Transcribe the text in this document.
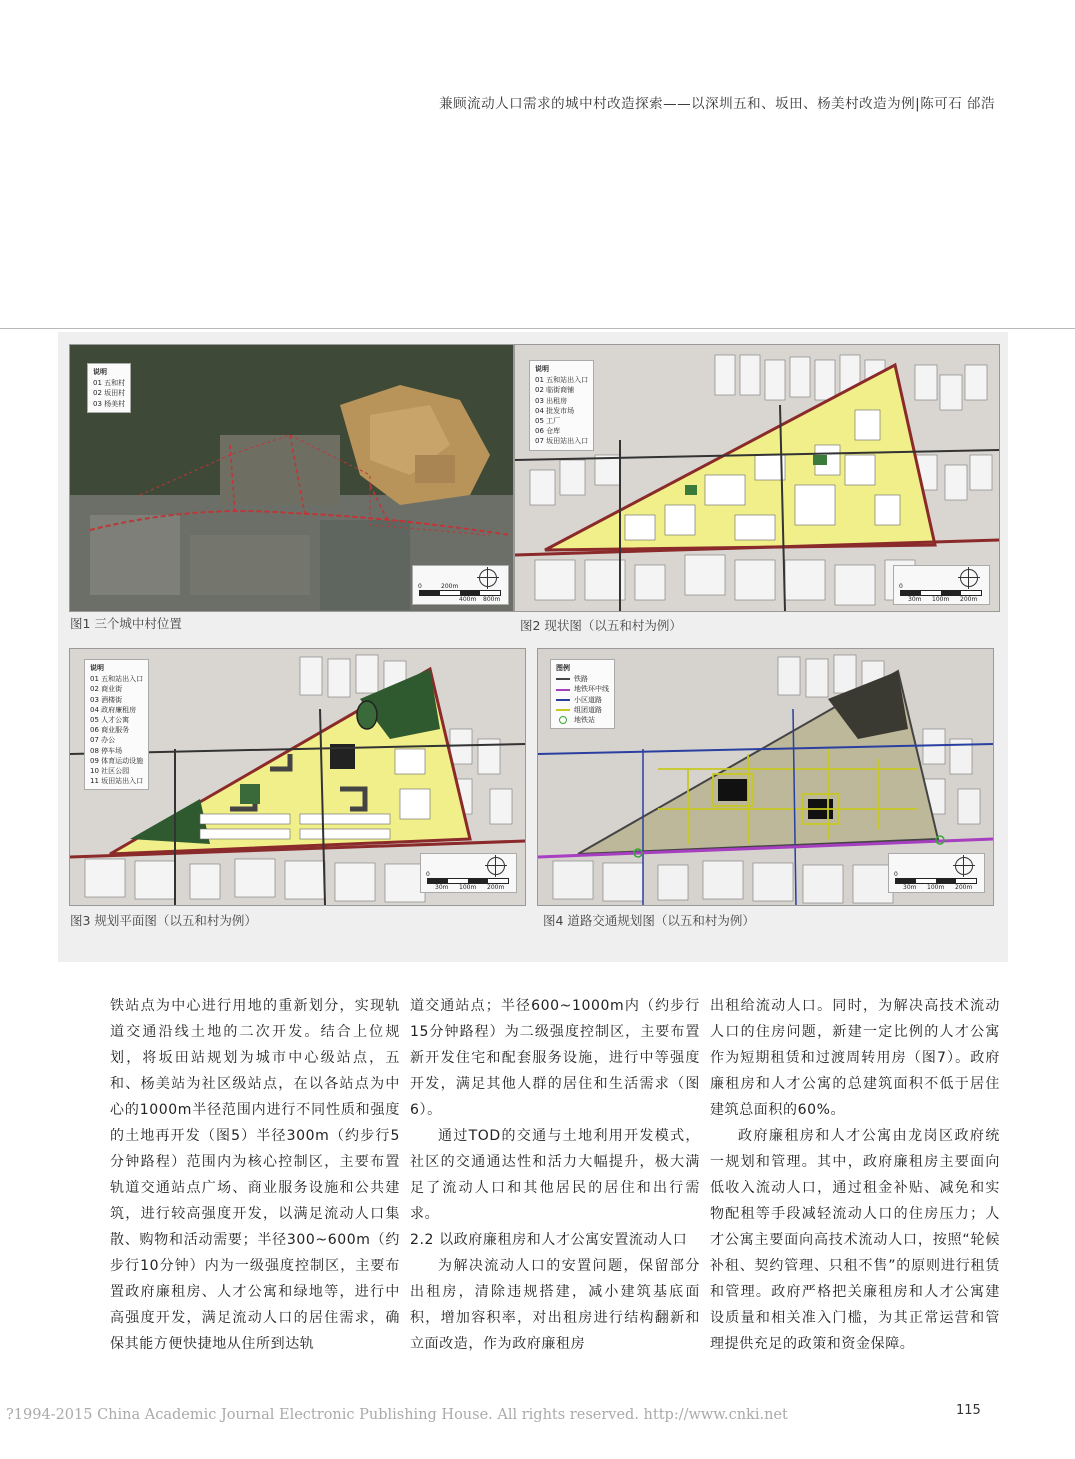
兼顾流动人口需求的城中村改造探索——以深圳五和、坂田、杨美村改造为例|陈可石 邰浩
说明
01 五和村
02 坂田村
03 杨美村
0	200m
400m 800m
图1 三个城中村位置
说明
01 五和站出入口
02 临街商铺
03 出租房
04 批发市场
05 工厂
06 仓库
07 坂田站出入口
0
30m 100m 200m
图2 现状图（以五和村为例）
说明
01 五和站出入口
02 商业街
03 酒楼街
04 政府廉租房
05 人才公寓
06 商业服务
07 办公
08 停车场
09 体育运动设施
10 社区公园
11 坂田站出入口
0
30m 100m 200m
图3 规划平面图（以五和村为例）
图例
铁路
地铁环中线
小区道路
组团道路
地铁站
0
30m 100m 200m
图4 道路交通规划图（以五和村为例）

铁站点为中心进行用地的重新划分，实现轨道交通沿线土地的二次开发。结合上位规划，将坂田站规划为城市中心级站点，五和、杨美站为社区级站点，在以各站点为中心的1000m半径范围内进行不同性质和强度的土地再开发（图5）半径300m（约步行5分钟路程）范围内为核心控制区，主要布置轨道交通站点广场、商业服务设施和公共建筑，进行较高强度开发，以满足流动人口集散、购物和活动需要；半径300~600m（约步行10分钟）内为一级强度控制区，主要布置政府廉租房、人才公寓和绿地等，进行中高强度开发，满足流动人口的居住需求，确保其能方便快捷地从住所到达轨

道交通站点；半径600~1000m内（约步行15分钟路程）为二级强度控制区，主要布置新开发住宅和配套服务设施，进行中等强度开发，满足其他人群的居住和生活需求（图6）。

通过TOD的交通与土地利用开发模式，社区的交通通达性和活力大幅提升，极大满足了流动人口和其他居民的居住和出行需求。

2.2 以政府廉租房和人才公寓安置流动人口

为解决流动人口的安置问题，保留部分出租房，清除违规搭建，减小建筑基底面积，增加容积率，对出租房进行结构翻新和立面改造，作为政府廉租房

出租给流动人口。同时，为解决高技术流动人口的住房问题，新建一定比例的人才公寓作为短期租赁和过渡周转用房（图7）。政府廉租房和人才公寓的总建筑面积不低于居住建筑总面积的60%。

政府廉租房和人才公寓由龙岗区政府统一规划和管理。其中，政府廉租房主要面向低收入流动人口，通过租金补贴、减免和实物配租等手段减轻流动人口的住房压力；人才公寓主要面向高技术流动人口，按照“轮候补租、契约管理、只租不售”的原则进行租赁和管理。政府严格把关廉租房和人才公寓建设质量和相关准入门槛，为其正常运营和管理提供充足的政策和资金保障。

?1994-2015 China Academic Journal Electronic Publishing House. All rights reserved. http://www.cnki.net	115
